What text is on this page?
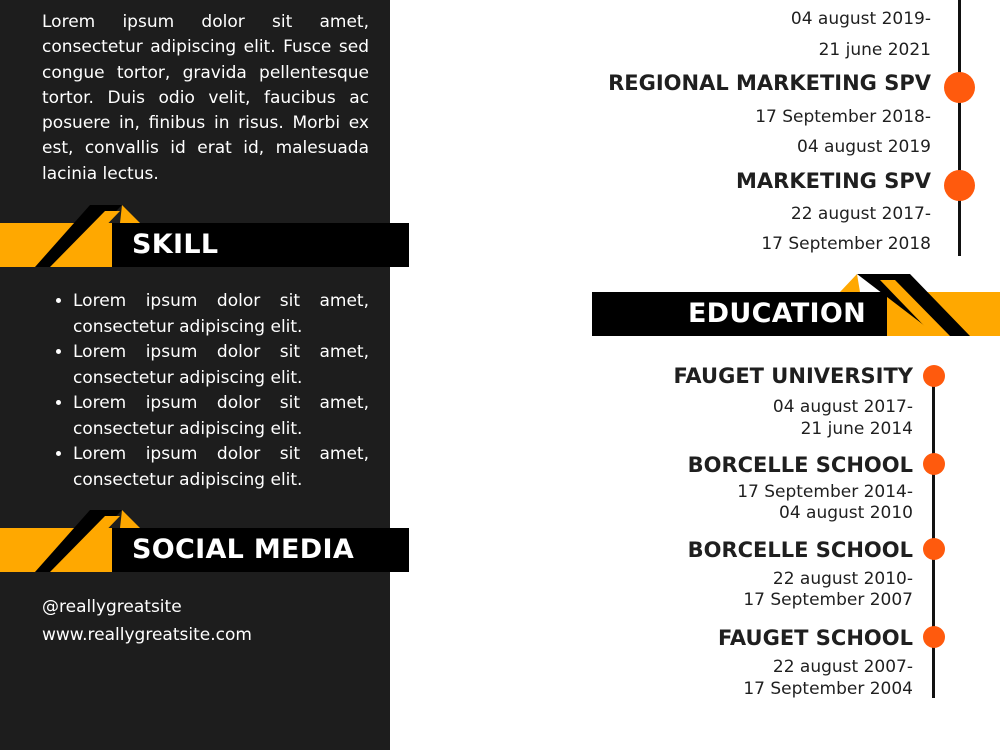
Lorem ipsum dolor sit amet, consectetur adipiscing elit. Fusce sed congue tortor, gravida pellentesque tortor. Duis odio velit, faucibus ac posuere in, finibus in risus. Morbi ex est, convallis id erat id, malesuada lacinia lectus.

SKILL
• Lorem ipsum dolor sit amet, consectetur adipiscing elit.
• Lorem ipsum dolor sit amet, consectetur adipiscing elit.
• Lorem ipsum dolor sit amet, consectetur adipiscing elit.
• Lorem ipsum dolor sit amet, consectetur adipiscing elit.
SOCIAL MEDIA
@reallygreatsite
www.reallygreatsite.com
04 august 2019-
21 june 2021
REGIONAL MARKETING SPV
17 September 2018-
04 august 2019
MARKETING SPV
22 august 2017-
17 September 2018
EDUCATION
FAUGET UNIVERSITY
04 august 2017-
21 june 2014
BORCELLE SCHOOL
17 September 2014-
04 august 2010
BORCELLE SCHOOL
22 august 2010-
17 September 2007
FAUGET SCHOOL
22 august 2007-
17 September 2004
